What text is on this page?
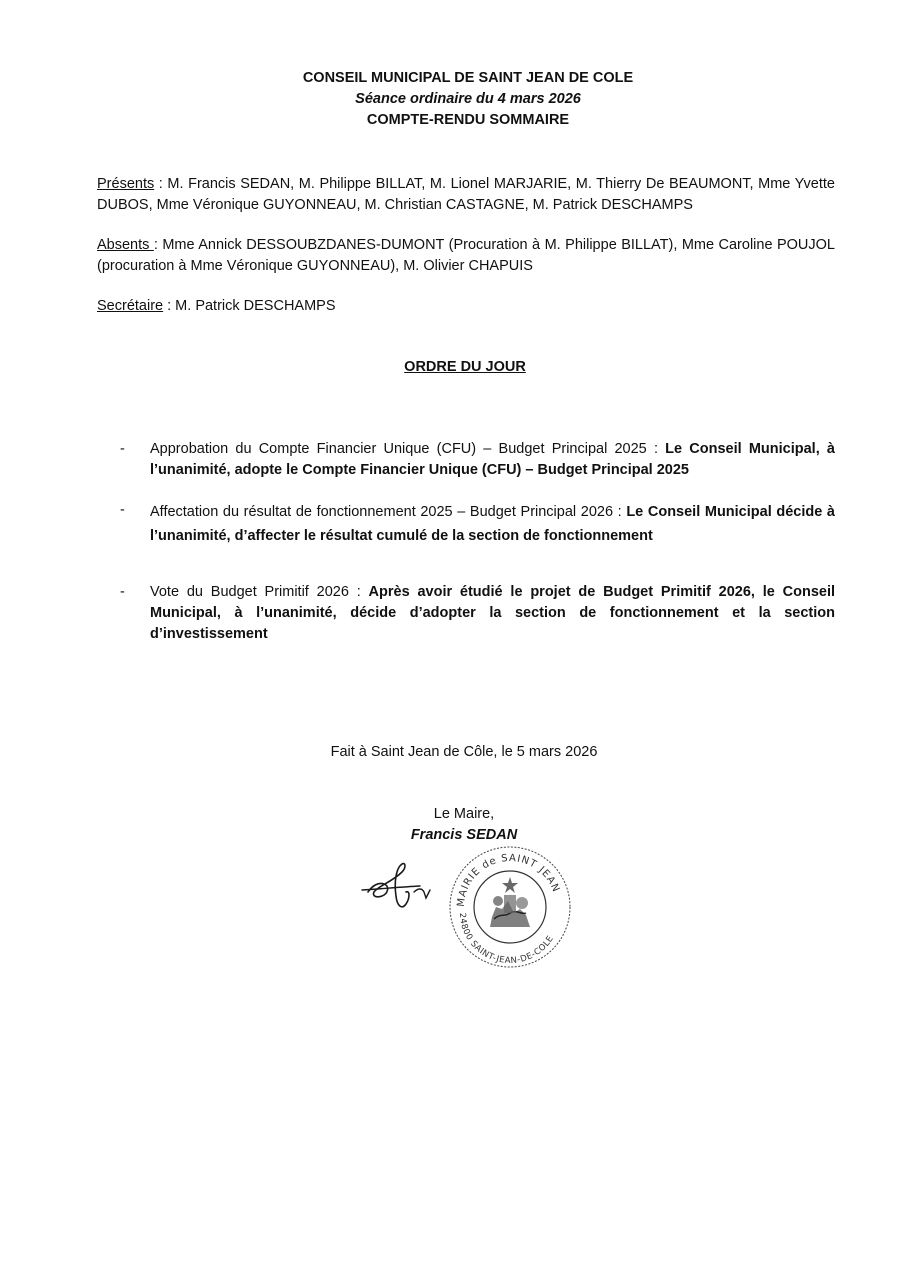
CONSEIL MUNICIPAL DE SAINT JEAN DE COLE
Séance ordinaire du 4 mars 2026
COMPTE-RENDU SOMMAIRE
Présents : M. Francis SEDAN, M. Philippe BILLAT, M. Lionel MARJARIE, M. Thierry De BEAUMONT, Mme Yvette DUBOS, Mme Véronique GUYONNEAU, M. Christian CASTAGNE, M. Patrick DESCHAMPS
Absents : Mme Annick DESSOUBZDANES-DUMONT (Procuration à M. Philippe BILLAT), Mme Caroline POUJOL (procuration à Mme Véronique GUYONNEAU), M. Olivier CHAPUIS
Secrétaire : M. Patrick DESCHAMPS
ORDRE DU JOUR
- Approbation du Compte Financier Unique (CFU) – Budget Principal 2025 : Le Conseil Municipal, à l’unanimité, adopte le Compte Financier Unique (CFU) – Budget Principal 2025
- Affectation du résultat de fonctionnement 2025 – Budget Principal 2026 : Le Conseil Municipal décide à l’unanimité, d’affecter le résultat cumulé de la section de fonctionnement
- Vote du Budget Primitif 2026 : Après avoir étudié le projet de Budget Primitif 2026, le Conseil Municipal, à l’unanimité, décide d’adopter la section de fonctionnement et la section d’investissement
Fait à Saint Jean de Côle, le 5 mars 2026
Le Maire,
Francis SEDAN
MAIRIE de SAINT JEAN
24800 SAINT-JEAN-DE-COLE
